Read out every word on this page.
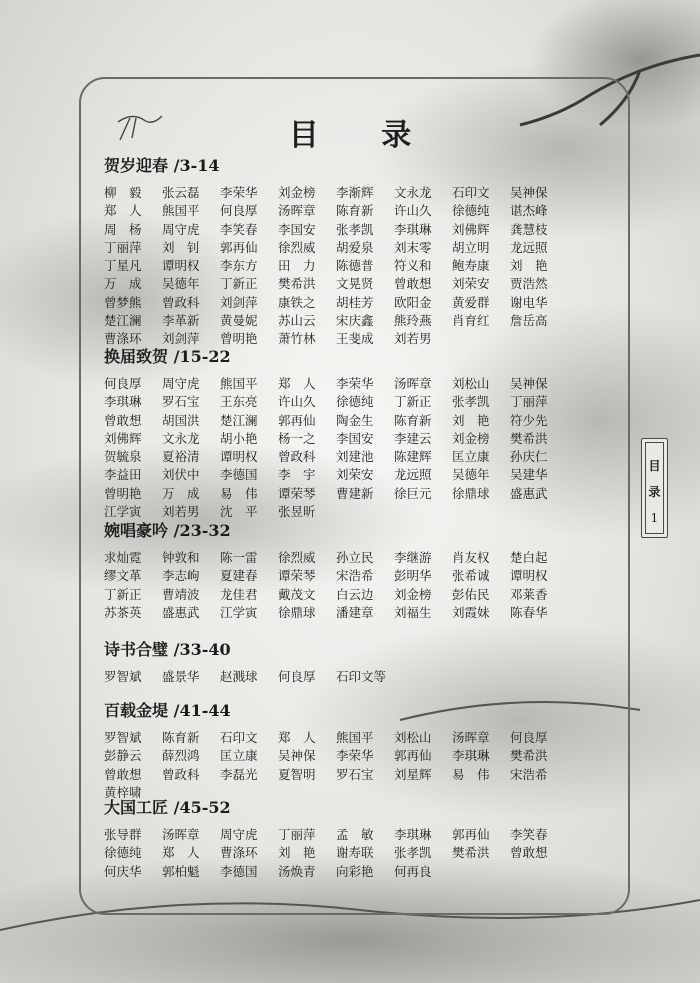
目 录
目
录
1
贺岁迎春 /3-14
柳　毅	张云磊	李荣华	刘金榜	李渐辉	文永龙	石印文	吴神保
郑　人	熊国平	何良厚	汤晖章	陈育新	许山久	徐德纯	谌杰峰
周　杨	周守虎	李笑春	李国安	张孝凯	李琪琳	刘佛辉	龚慧枝
丁丽萍	刘　钊	郭再仙	徐烈威	胡爱泉	刘末零	胡立明	龙远照
丁星凡	谭明权	李东方	田　力	陈德普	符义和	鲍寿康	刘　艳
万　成	吴德年	丁新正	樊希洪	文晃贤	曾敢想	刘荣安	贾浩然
曾梦熊	曾政科	刘剑萍	康铁之	胡桂芳	欧阳金	黄爱群	谢电华
楚江澜	李革新	黄曼妮	苏山云	宋庆鑫	熊玲燕	肖育红	詹岳高
曹涤环	刘剑萍	曾明艳	萧竹林	王斐成	刘若男
换届致贺 /15-22
何良厚	周守虎	熊国平	郑　人	李荣华	汤晖章	刘松山	吴神保
李琪琳	罗石宝	王东亮	许山久	徐德纯	丁新正	张孝凯	丁丽萍
曾敢想	胡国洪	楚江澜	郭再仙	陶金生	陈育新	刘　艳	符少先
刘佛辉	文永龙	胡小艳	杨一之	李国安	李建云	刘金榜	樊希洪
贺毓泉	夏裕清	谭明权	曾政科	刘建池	陈建辉	匡立康	孙庆仁
李益田	刘伏中	李德国	李　宇	刘荣安	龙远照	吴德年	吴建华
曾明艳	万　成	易　伟	谭荣琴	曹建新	徐巨元	徐鼎球	盛惠武
江学寅	刘若男	沈　平	张昱昕
婉唱豪吟 /23-32
求灿霓	钟敦和	陈一雷	徐烈威	孙立民	李继游	肖友权	楚白起
缪文革	李志岣	夏建春	谭荣琴	宋浩希	彭明华	张希诚	谭明权
丁新正	曹靖波	龙佳君	戴茂文	白云边	刘金榜	彭佑民	邓莱香
苏茶英	盛惠武	江学寅	徐鼎球	潘建章	刘福生	刘霞妹	陈春华
诗书合璧 /33-40
罗智斌	盛景华	赵溅球	何良厚	石印文等
百载金堤 /41-44
罗智斌	陈育新	石印文	郑　人	熊国平	刘松山	汤晖章	何良厚
彭静云	薛烈鸿	匡立康	吴神保	李荣华	郭再仙	李琪琳	樊希洪
曾敢想	曾政科	李磊光	夏智明	罗石宝	刘星辉	易　伟	宋浩希
黄梓啸
大国工匠 /45-52
张导群	汤晖章	周守虎	丁丽萍	孟　敏	李琪琳	郭再仙	李笑春
徐德纯	郑　人	曹涤环	刘　艳	谢寿联	张孝凯	樊希洪	曾敢想
何庆华	郭柏魁	李德国	汤焕青	向彩艳	何再良
